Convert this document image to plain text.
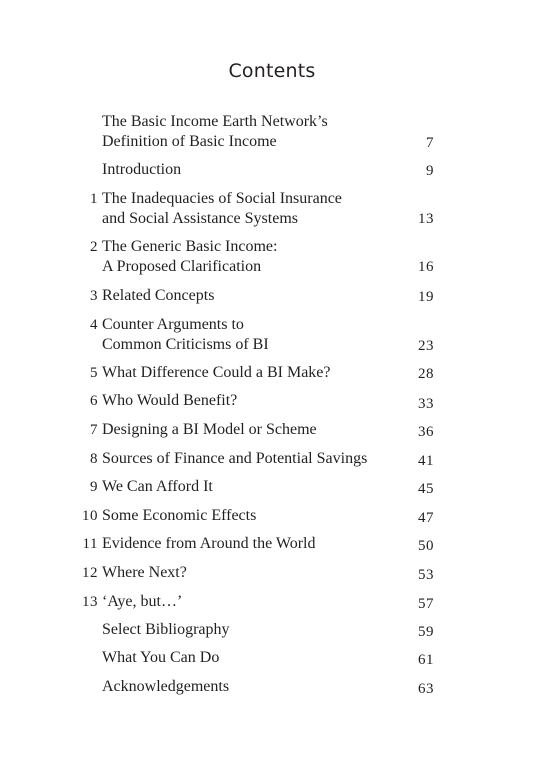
Contents
The Basic Income Earth Network’s
Definition of Basic Income	7
Introduction	9
1 The Inadequacies of Social Insurance
and Social Assistance Systems	13
2 The Generic Basic Income:
A Proposed Clarification	16
3 Related Concepts	19
4 Counter Arguments to
Common Criticisms of BI	23
5 What Difference Could a BI Make?	28
6 Who Would Benefit?	33
7 Designing a BI Model or Scheme	36
8 Sources of Finance and Potential Savings	41
9 We Can Afford It	45
10 Some Economic Effects	47
11 Evidence from Around the World	50
12 Where Next?	53
13 ‘Aye, but…’	57
Select Bibliography	59
What You Can Do	61
Acknowledgements	63
